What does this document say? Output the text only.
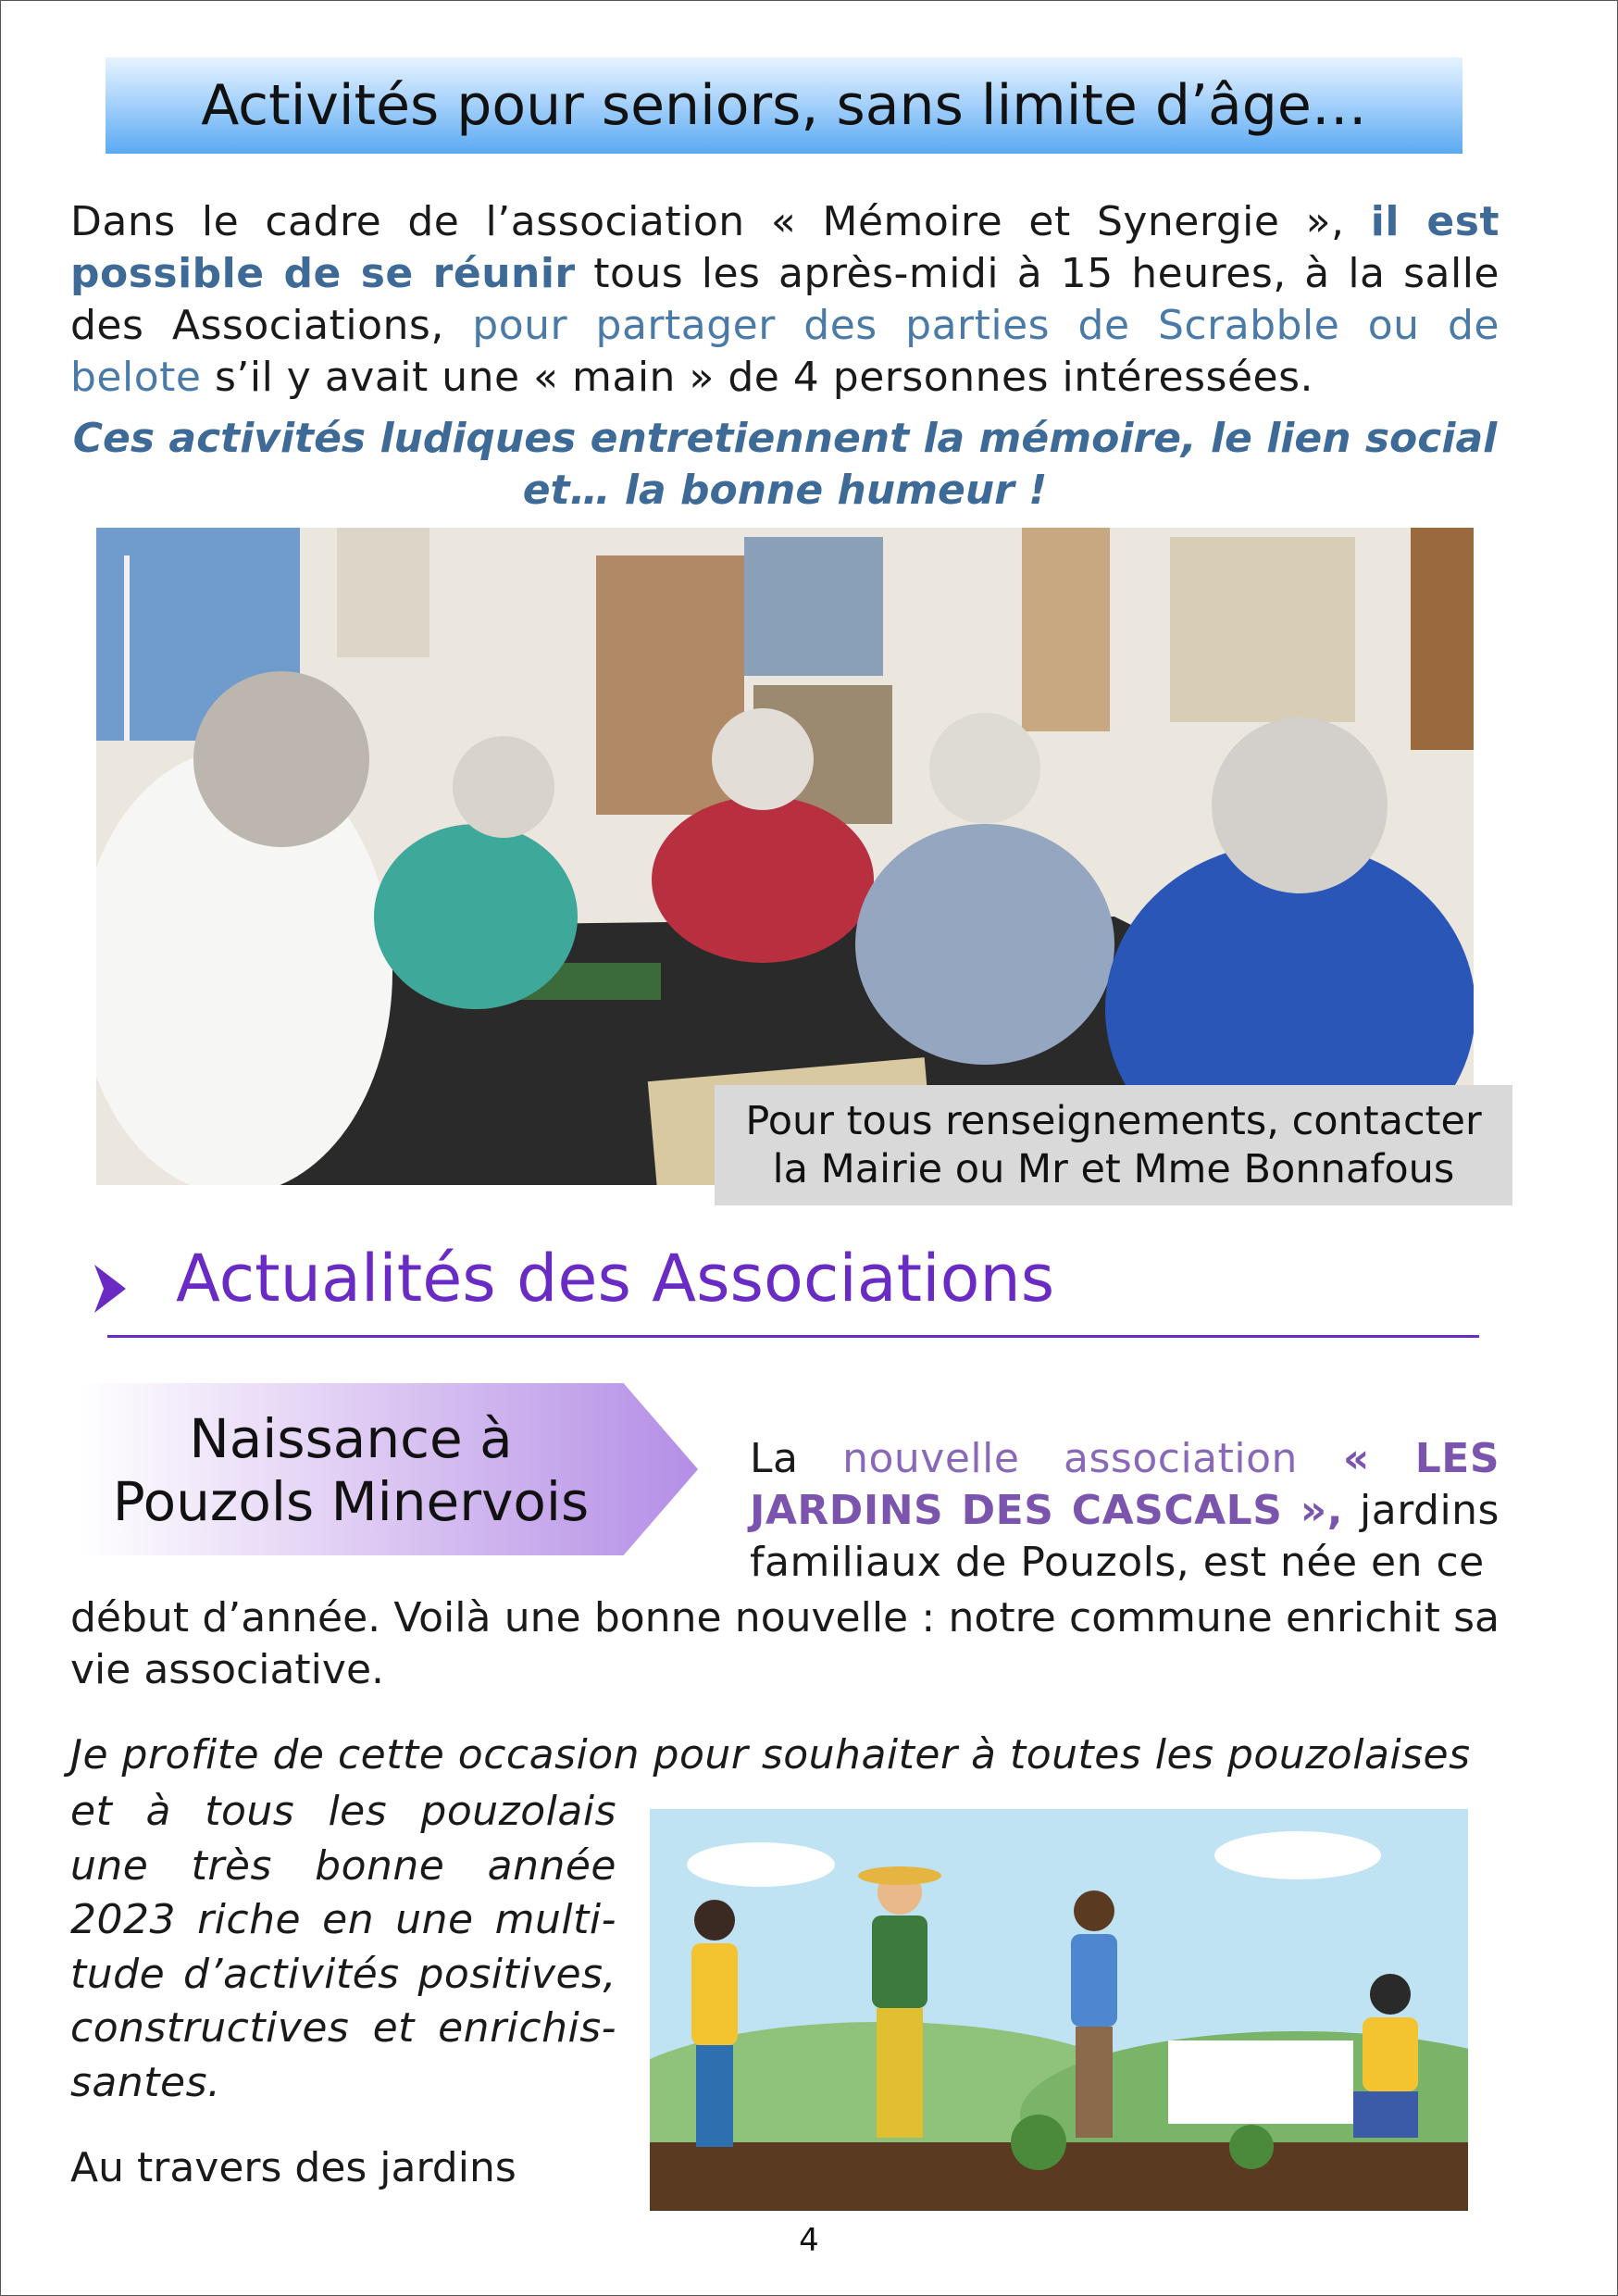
Activités pour seniors, sans limite d’âge…
Dans le cadre de l’association « Mémoire et Synergie », il est possible de se réunir tous les après-midi à 15 heures, à la salle des Associations, pour partager des parties de Scrabble ou de belote s’il y avait une « main » de 4 personnes intéressées.
Ces activités ludiques entretiennent la mémoire, le lien social
et… la bonne humeur !
Pour tous renseignements, contacter
la Mairie ou Mr et Mme Bonnafous
Actualités des Associations
Naissance à
Pouzols Minervois
La nouvelle association « LES JARDINS DES CASCALS », jardins familiaux de Pouzols, est née en ce
début d’année. Voilà une bonne nouvelle : notre commune enrichit sa vie associative.
Je profite de cette occasion pour souhaiter à toutes les pouzolaises
et à tous les pouzolais une très bonne année 2023 riche en une multi-tude d’activités positives, constructives et enrichis-santes.
Au travers des jardins
4
